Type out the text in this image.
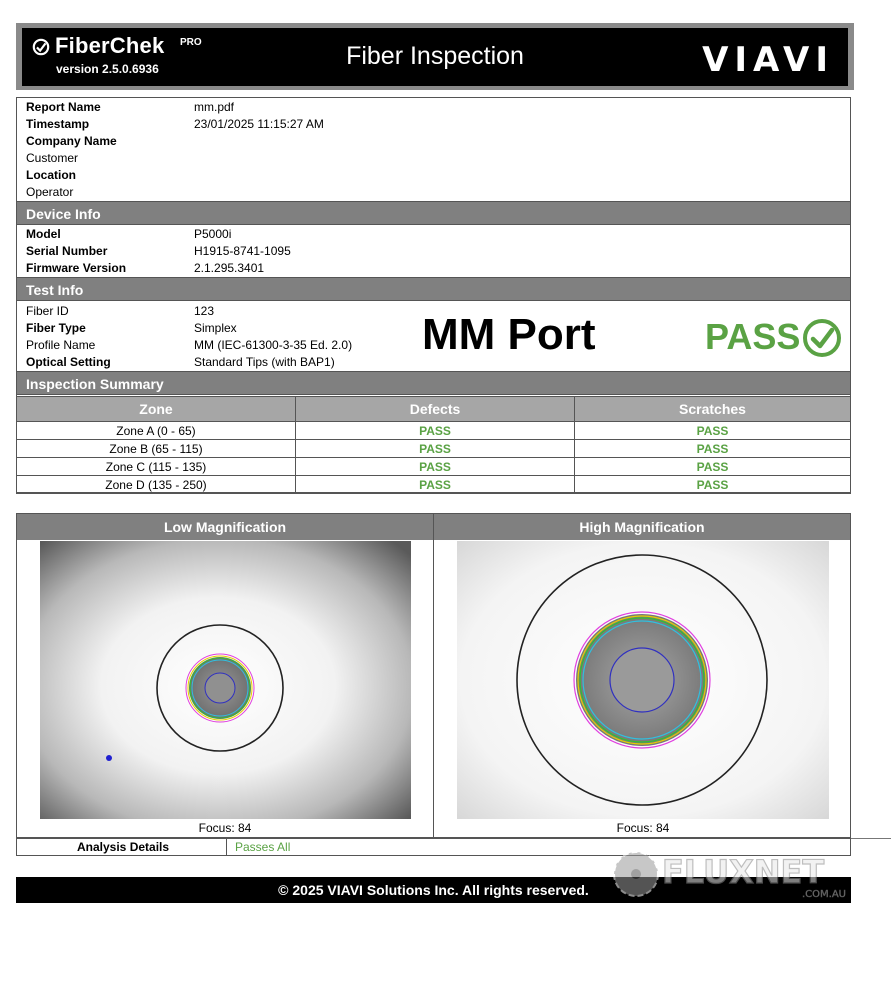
FiberChek PRO
version 2.5.0.6936	Fiber Inspection	VIAVI
Report Name	mm.pdf
Timestamp	23/01/2025 11:15:27 AM
Company Name
Customer
Location
Operator
Device Info
Model	P5000i
Serial Number	H1915-8741-1095
Firmware Version	2.1.295.3401
Test Info
Fiber ID	123
Fiber Type	Simplex
Profile Name	MM (IEC-61300-3-35 Ed. 2.0)
Optical Setting	Standard Tips (with BAP1)
MM Port	PASS
Inspection Summary
Zone	Defects	Scratches
Zone A (0 - 65)	PASS	PASS
Zone B (65 - 115)	PASS	PASS
Zone C (115 - 135)	PASS	PASS
Zone D (135 - 250)	PASS	PASS
Low Magnification	High Magnification
Focus: 84	Focus: 84
Analysis Details	Passes All
© 2025 VIAVI Solutions Inc. All rights reserved.	FLUXNET
.COM.AU
